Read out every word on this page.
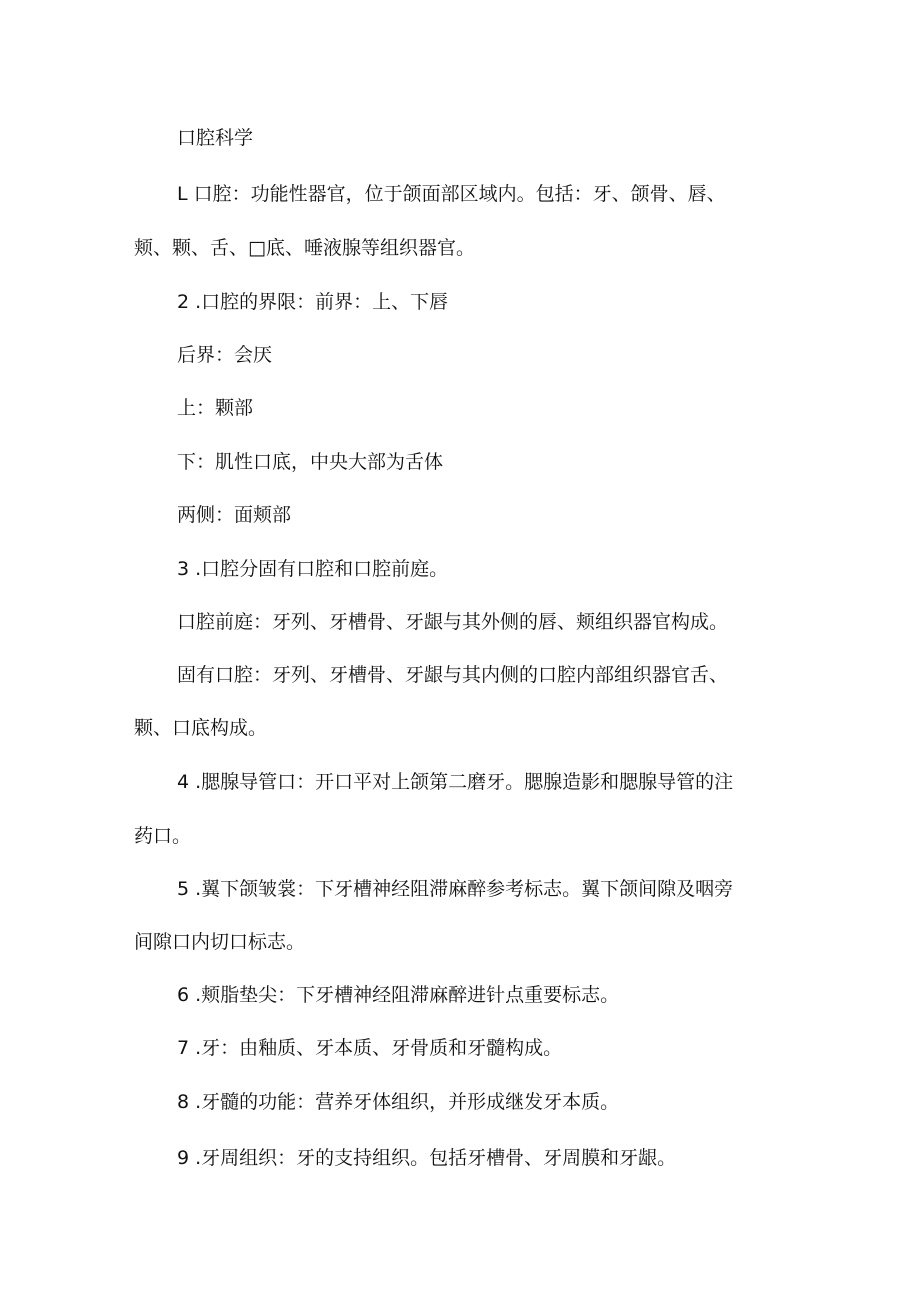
口腔科学

L 口腔：功能性器官，位于颌面部区域内。包括：牙、颌骨、唇、

颊、颗、舌、□底、唾液腺等组织器官。

2 .口腔的界限：前界：上、下唇

后界：会厌

上：颗部

下：肌性口底，中央大部为舌体

两侧：面颊部

3 .口腔分固有口腔和口腔前庭。

口腔前庭：牙列、牙槽骨、牙龈与其外侧的唇、颊组织器官构成。

固有口腔：牙列、牙槽骨、牙龈与其内侧的口腔内部组织器官舌、

颗、口底构成。

4 .腮腺导管口：开口平对上颌第二磨牙。腮腺造影和腮腺导管的注

药口。

5 .翼下颌皱裳：下牙槽神经阻滞麻醉参考标志。翼下颌间隙及咽旁

间隙口内切口标志。

6 .颊脂垫尖：下牙槽神经阻滞麻醉进针点重要标志。

7 .牙：由釉质、牙本质、牙骨质和牙髓构成。

8 .牙髓的功能：营养牙体组织，并形成继发牙本质。

9 .牙周组织：牙的支持组织。包括牙槽骨、牙周膜和牙龈。
